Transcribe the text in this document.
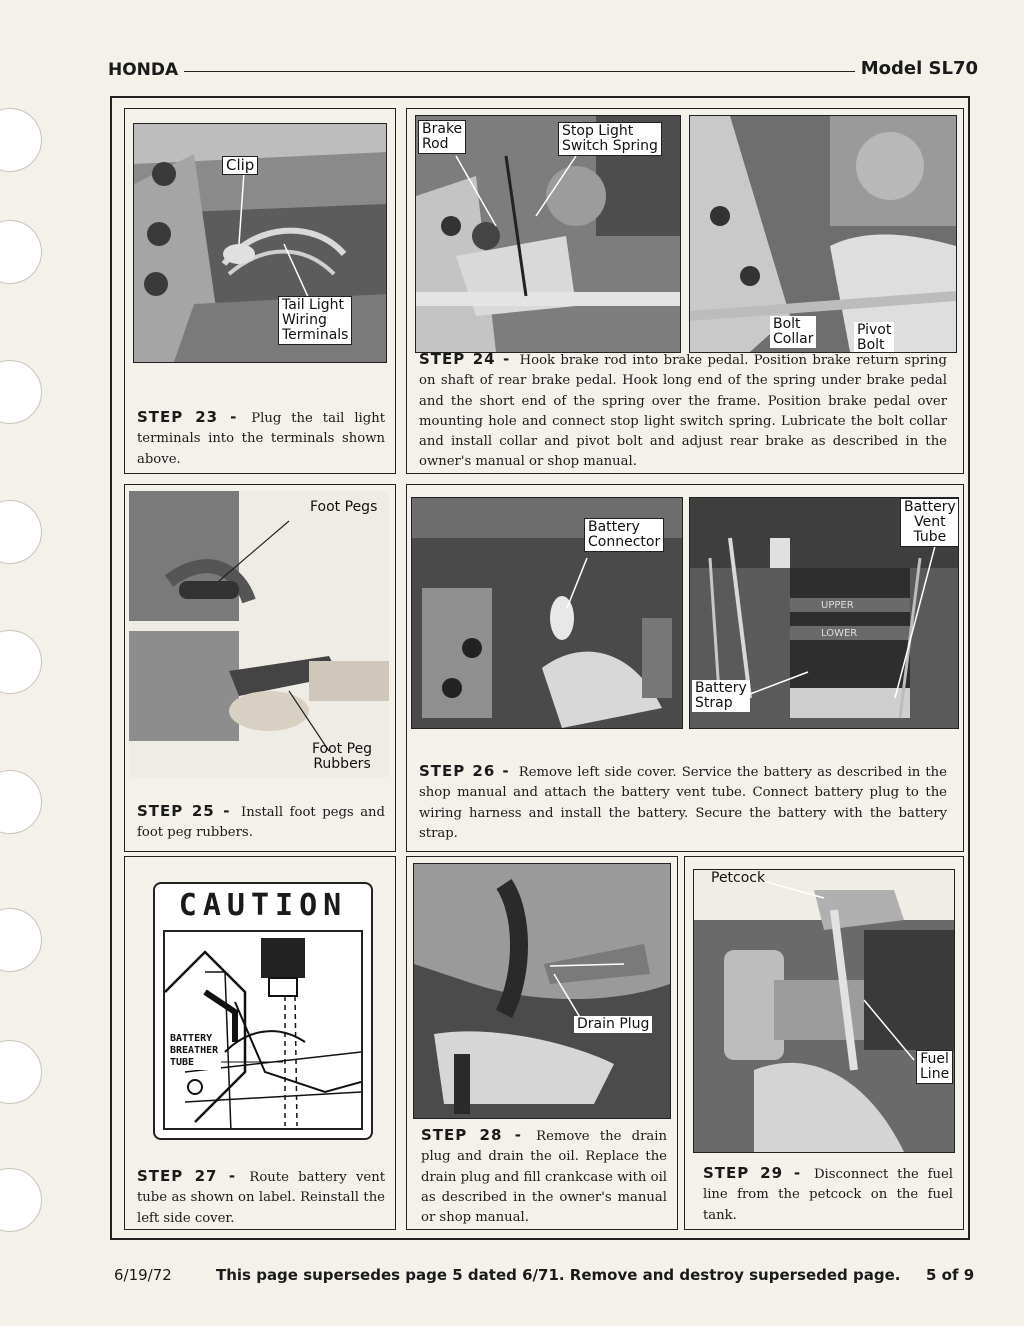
HONDA	Model SL70
Clip
Tail Light
Wiring
Terminals
STEP 23 - Plug the tail light terminals into the terminals shown above.
Brake
Rod
Stop Light
Switch Spring
Bolt
Collar
Pivot
Bolt
STEP 24 - Hook brake rod into brake pedal. Position brake return spring on shaft of rear brake pedal. Hook long end of the spring under brake pedal and the short end of the spring over the frame. Position brake pedal over mounting hole and connect stop light switch spring. Lubricate the bolt collar and install collar and pivot bolt and adjust rear brake as described in the owner's manual or shop manual.
Foot Pegs
Foot Peg
Rubbers
STEP 25 - Install foot pegs and foot peg rubbers.
Battery
Connector
UPPER
LOWER
Battery
Vent
Tube
Battery
Strap
STEP 26 - Remove left side cover. Service the battery as described in the shop manual and attach the battery vent tube. Connect battery plug to the wiring harness and install the battery. Secure the battery with the battery strap.
CAUTION
BATTERY
BREATHER
TUBE
STEP 27 - Route battery vent tube as shown on label. Reinstall the left side cover.
Drain Plug
STEP 28 - Remove the drain plug and drain the oil. Replace the drain plug and fill crankcase with oil as described in the owner's manual or shop manual.
Petcock
Fuel
Line
STEP 29 - Disconnect the fuel line from the petcock on the fuel tank.
6/19/72	This page supersedes page 5 dated 6/71. Remove and destroy superseded page. 5 of 9
